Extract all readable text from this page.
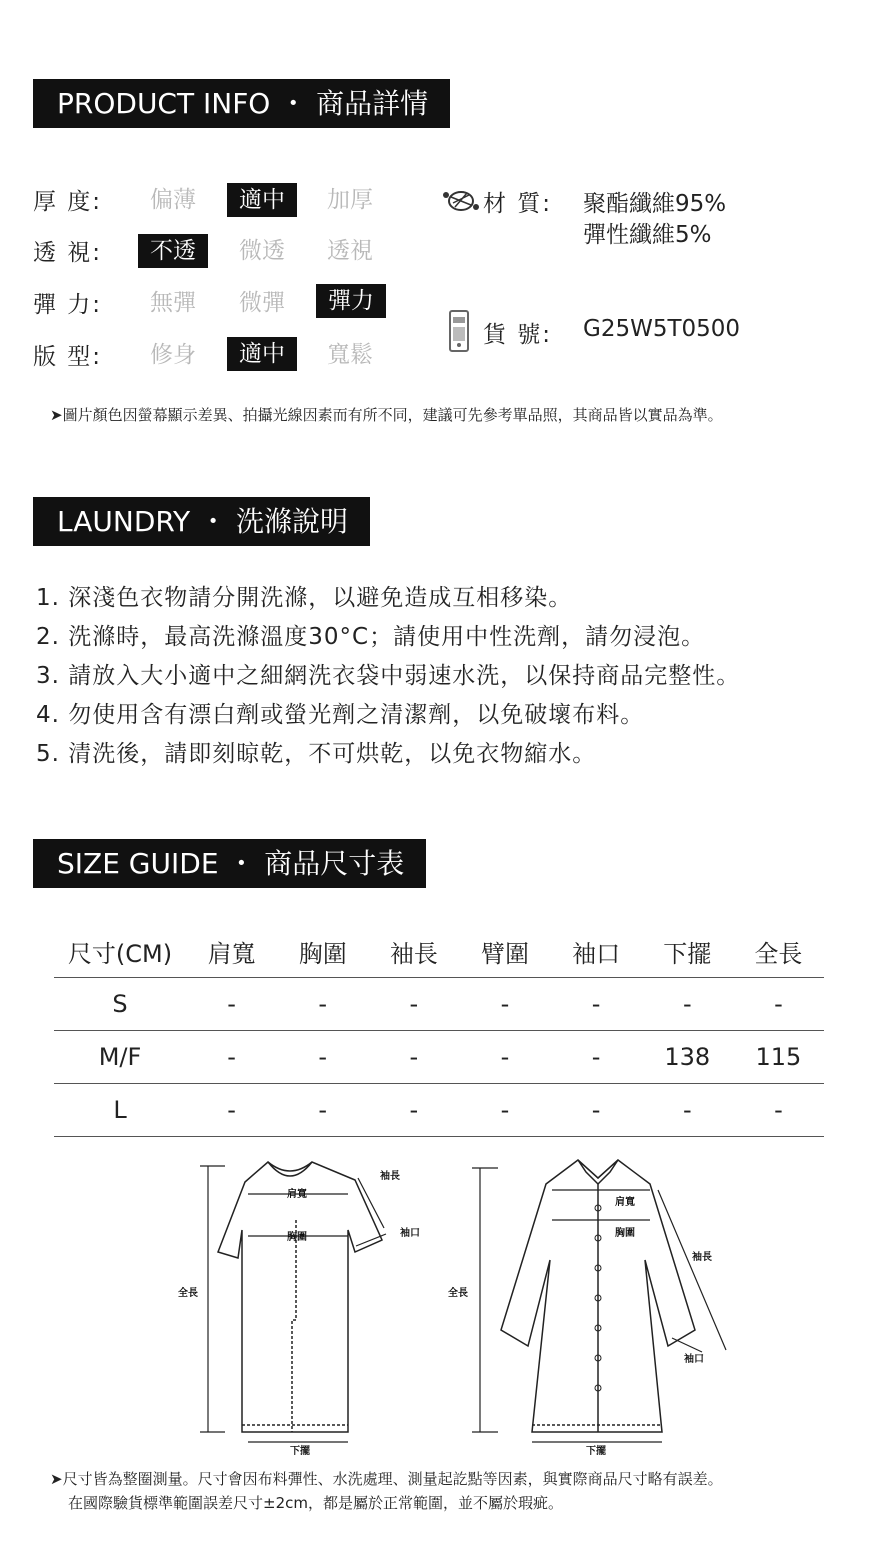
PRODUCT INFO ・ 商品詳情
厚 度:	偏薄	適中	加厚
透 視:	不透	微透	透視
彈 力:	無彈	微彈	彈力
版 型:	修身	適中	寬鬆
材 質: 聚酯纖維95%
彈性纖維5%
貨 號: G25W5T0500
➤圖片顏色因螢幕顯示差異、拍攝光線因素而有所不同，建議可先參考單品照，其商品皆以實品為準。
LAUNDRY ・ 洗滌說明
1. 深淺色衣物請分開洗滌，以避免造成互相移染。
2. 洗滌時，最高洗滌溫度30°C；請使用中性洗劑，請勿浸泡。
3. 請放入大小適中之細網洗衣袋中弱速水洗，以保持商品完整性。
4. 勿使用含有漂白劑或螢光劑之清潔劑，以免破壞布料。
5. 清洗後，請即刻晾乾，不可烘乾，以免衣物縮水。
SIZE GUIDE ・ 商品尺寸表
尺寸(CM)	肩寬	胸圍	袖長	臂圍	袖口	下擺	全長
S	-	-	-	-	-	-	-
M/F	-	-	-	-	-	138	115
L	-	-	-	-	-	-	-
袖長
肩寬
胸圍	袖口
全長
下擺
肩寬
胸圍
袖長
袖口
全長
下擺
➤尺寸皆為整圈測量。尺寸會因布料彈性、水洗處理、測量起訖點等因素，與實際商品尺寸略有誤差。
在國際驗貨標準範圍誤差尺寸±2cm，都是屬於正常範圍，並不屬於瑕疵。
